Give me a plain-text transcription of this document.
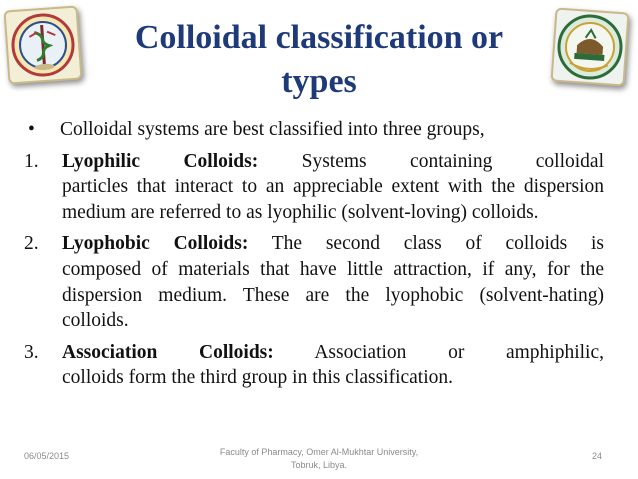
Colloidal classification or
types
•	Colloidal systems are best classified into three groups,
1.	Lyophilic Colloids: Systems containing colloidal
particles that interact to an appreciable extent with the dispersion medium are referred to as lyophilic (solvent-loving) colloids.
2.	Lyophobic Colloids: The second class of colloids is
composed of materials that have little attraction, if any, for the dispersion medium. These are the lyophobic (solvent-hating) colloids.
3.	Association Colloids: Association or amphiphilic,
colloids form the third group in this classification.
06/05/2015	Faculty of Pharmacy, Omer Al-Mukhtar University,
Tobruk, Libya.
24
